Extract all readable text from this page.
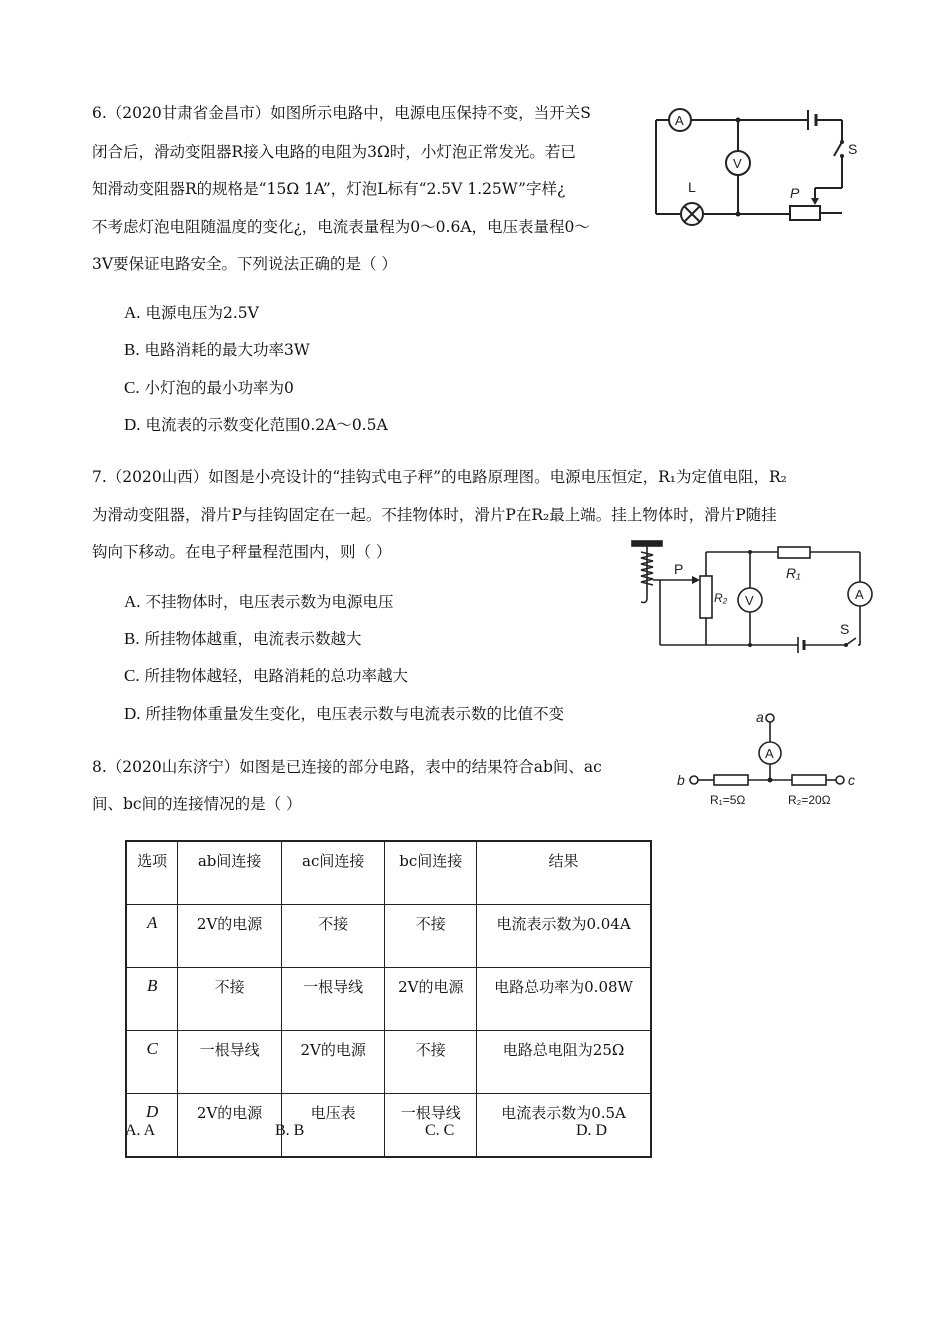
6.（2020甘肃省金昌市）如图所示电路中，电源电压保持不变，当开关S
闭合后，滑动变阻器R接入电路的电阻为3Ω时，小灯泡正常发光。若已
知滑动变阻器R的规格是“15Ω 1A”，灯泡L标有“2.5V 1.25W”字样¿
不考虑灯泡电阻随温度的变化¿，电流表量程为0～0.6A，电压表量程0～
3V要保证电路安全。下列说法正确的是（ ）
A
V
L
S
P
A. 电源电压为2.5V
B. 电路消耗的最大功率3W
C. 小灯泡的最小功率为0
D. 电流表的示数变化范围0.2A～0.5A
7.（2020山西）如图是小亮设计的“挂钩式电子秤”的电路原理图。电源电压恒定，R₁为定值电阻，R₂
为滑动变阻器，滑片P与挂钩固定在一起。不挂物体时，滑片P在R₂最上端。挂上物体时，滑片P随挂
钩向下移动。在电子秤量程范围内，则（ ）
P
R₂
R₁
V	A
S
A. 不挂物体时，电压表示数为电源电压
B. 所挂物体越重，电流表示数越大
C. 所挂物体越轻，电路消耗的总功率越大
D. 所挂物体重量发生变化，电压表示数与电流表示数的比值不变
8.（2020山东济宁）如图是已连接的部分电路，表中的结果符合ab间、ac
间、bc间的连接情况的是（ ）
a
A
b	c
R₁=5Ω	R₂=20Ω
选项	ab间连接	ac间连接	bc间连接	结果
A	2V的电源	不接	不接	电流表示数为0.04A
B	不接	一根导线	2V的电源	电路总功率为0.08W
C	一根导线	2V的电源	不接	电路总电阻为25Ω
D	2V的电源	电压表	一根导线	电流表示数为0.5A
A. A	B. B	C. C	D. D
